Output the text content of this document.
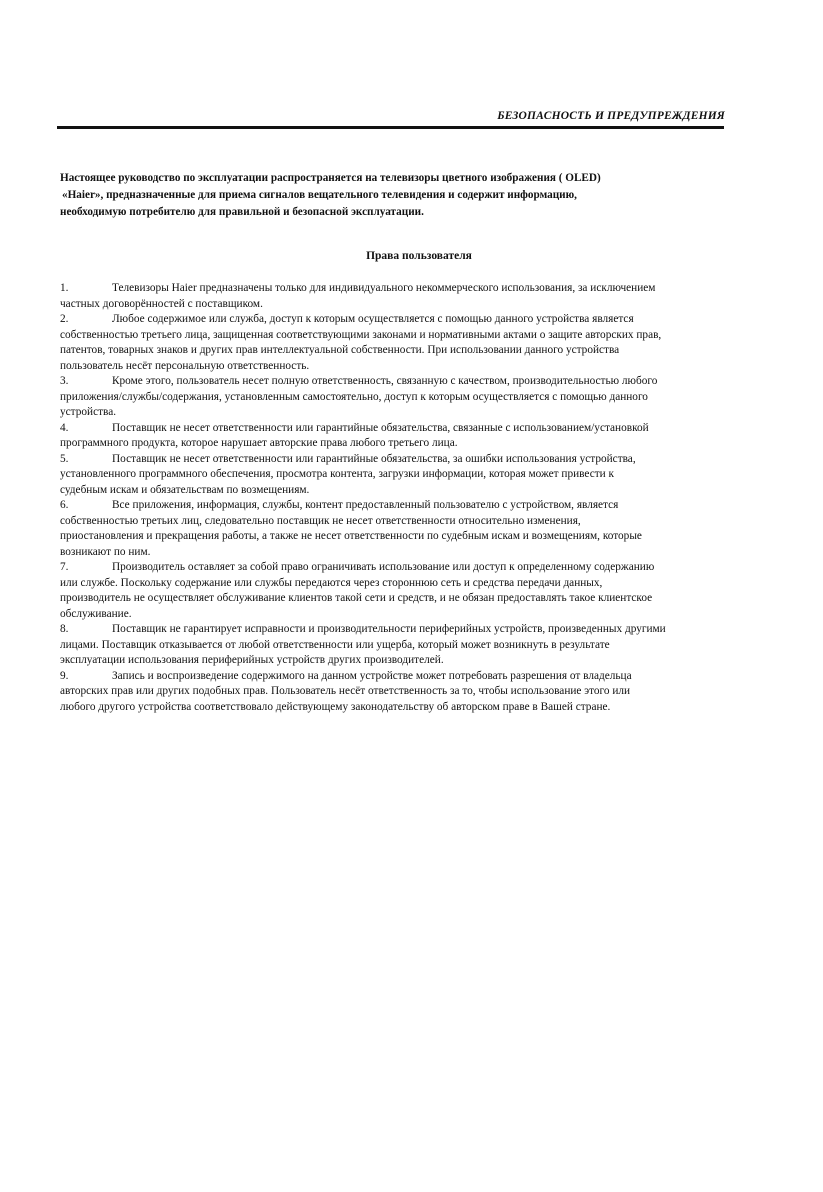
БЕЗОПАСНОСТЬ И ПРЕДУПРЕЖДЕНИЯ
Настоящее руководство по эксплуатации распространяется на телевизоры цветного изображения ( OLED)
«Haier», предназначенные для приема сигналов вещательного телевидения и содержит информацию,
необходимую потребителю для правильной и безопасной эксплуатации.
Права пользователя
1.	Телевизоры Haier предназначены только для индивидуального некоммерческого использования, за исключением
частных договорённостей с поставщиком.
2.	Любое содержимое или служба, доступ к которым осуществляется с помощью данного устройства является
собственностью третьего лица, защищенная соответствующими законами и нормативными актами о защите авторских прав,
патентов, товарных знаков и других прав интеллектуальной собственности. При использовании данного устройства
пользователь несёт персональную ответственность.
3.	Кроме этого, пользователь несет полную ответственность, связанную с качеством, производительностью любого
приложения/службы/содержания, установленным самостоятельно, доступ к которым осуществляется с помощью данного
устройства.
4.	Поставщик не несет ответственности или гарантийные обязательства, связанные с использованием/установкой
программного продукта, которое нарушает авторские права любого третьего лица.
5.	Поставщик не несет ответственности или гарантийные обязательства, за ошибки использования устройства,
установленного программного обеспечения, просмотра контента, загрузки информации, которая может привести к
судебным искам и обязательствам по возмещениям.
6.	Все приложения, информация, службы, контент предоставленный пользователю с устройством, является
собственностью третьих лиц, следовательно поставщик не несет ответственности относительно изменения,
приостановления и прекращения работы, а также не несет ответственности по судебным искам и возмещениям, которые
возникают по ним.
7.	Производитель оставляет за собой право ограничивать использование или доступ к определенному содержанию
или службе. Поскольку содержание или службы передаются через стороннюю сеть и средства передачи данных,
производитель не осуществляет обслуживание клиентов такой сети и средств, и не обязан предоставлять такое клиентское
обслуживание.
8.	Поставщик не гарантирует исправности и производительности периферийных устройств, произведенных другими
лицами. Поставщик отказывается от любой ответственности или ущерба, который может возникнуть в результате
эксплуатации использования периферийных устройств других производителей.
9.	Запись и воспроизведение содержимого на данном устройстве может потребовать разрешения от владельца
авторских прав или других подобных прав. Пользователь несёт ответственность за то, чтобы использование этого или
любого другого устройства соответствовало действующему законодательству об авторском праве в Вашей стране.
